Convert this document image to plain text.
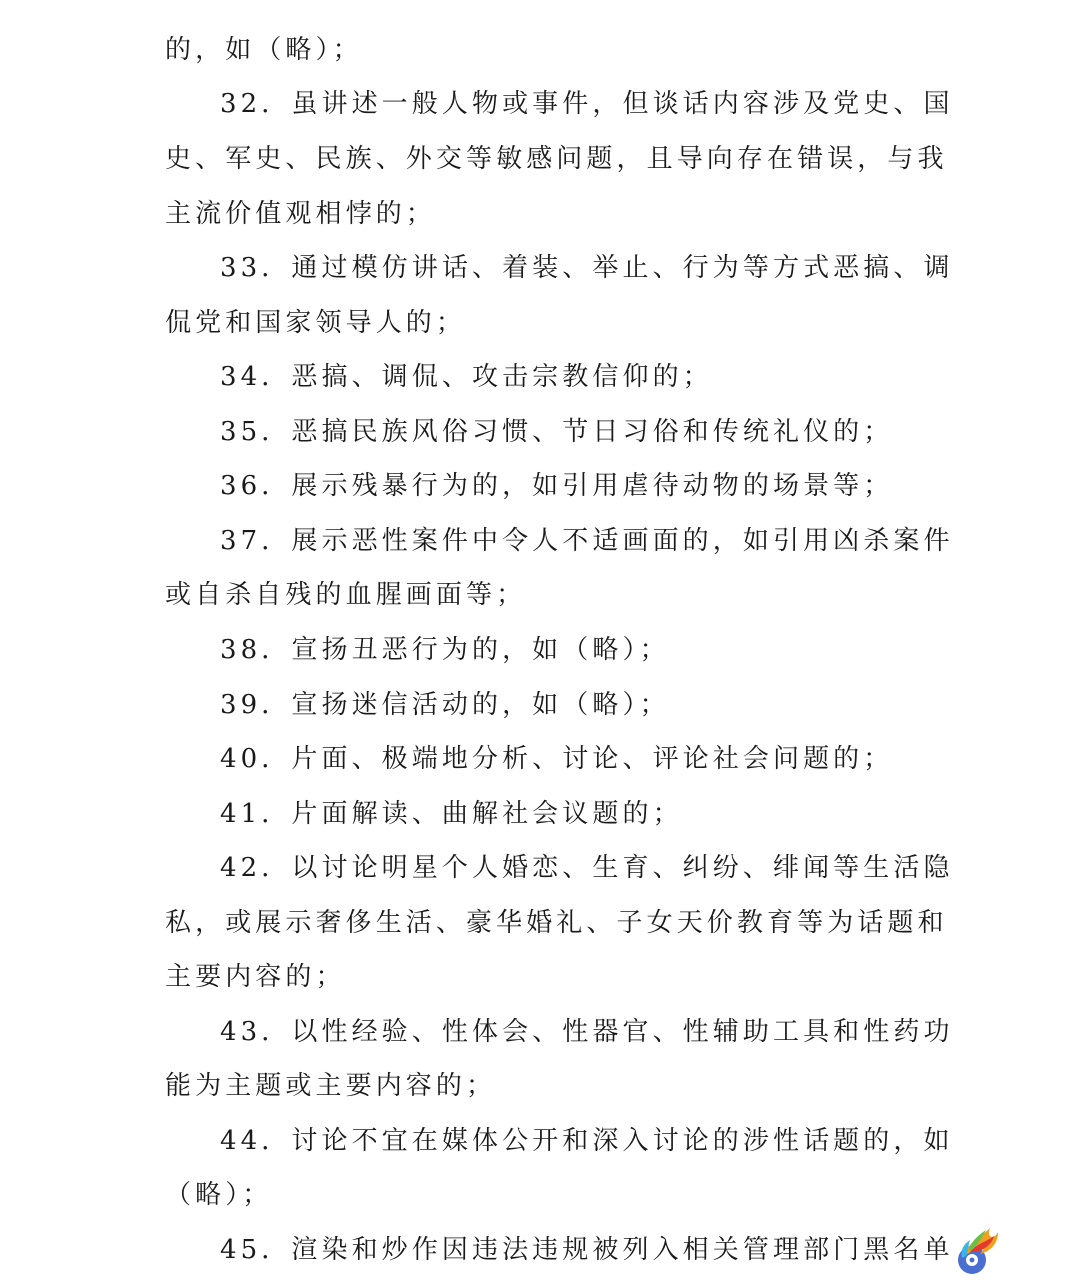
的，如（略）；
32．虽讲述一般人物或事件，但谈话内容涉及党史、国
史、军史、民族、外交等敏感问题，且导向存在错误，与我
主流价值观相悖的；
33．通过模仿讲话、着装、举止、行为等方式恶搞、调
侃党和国家领导人的；
34．恶搞、调侃、攻击宗教信仰的；
35．恶搞民族风俗习惯、节日习俗和传统礼仪的；
36．展示残暴行为的，如引用虐待动物的场景等；
37．展示恶性案件中令人不适画面的，如引用凶杀案件
或自杀自残的血腥画面等；
38．宣扬丑恶行为的，如（略）；
39．宣扬迷信活动的，如（略）；
40．片面、极端地分析、讨论、评论社会问题的；
41．片面解读、曲解社会议题的；
42．以讨论明星个人婚恋、生育、纠纷、绯闻等生活隐
私，或展示奢侈生活、豪华婚礼、子女天价教育等为话题和
主要内容的；
43．以性经验、性体会、性器官、性辅助工具和性药功
能为主题或主要内容的；
44．讨论不宜在媒体公开和深入讨论的涉性话题的，如
（略）；
45．渲染和炒作因违法违规被列入相关管理部门黑名单
